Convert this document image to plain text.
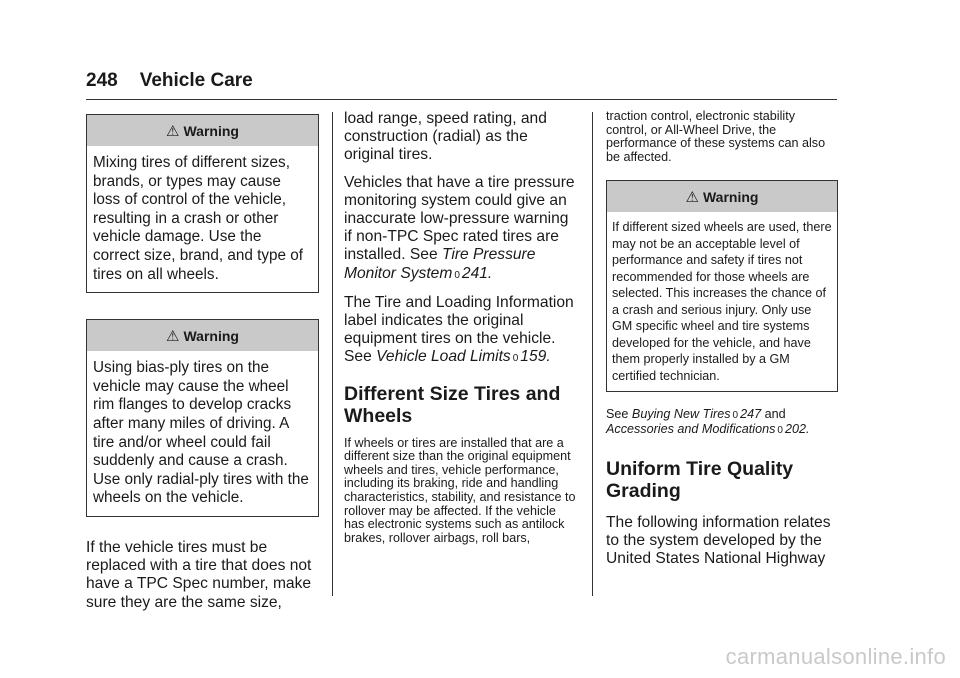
248 Vehicle Care
⚠ Warning
Mixing tires of different sizes, brands, or types may cause loss of control of the vehicle, resulting in a crash or other vehicle damage. Use the correct size, brand, and type of tires on all wheels.
⚠ Warning
Using bias-ply tires on the vehicle may cause the wheel rim flanges to develop cracks after many miles of driving. A tire and/or wheel could fail suddenly and cause a crash. Use only radial-ply tires with the wheels on the vehicle.

If the vehicle tires must be replaced with a tire that does not have a TPC Spec number, make sure they are the same size,

load range, speed rating, and construction (radial) as the original tires.

Vehicles that have a tire pressure monitoring system could give an inaccurate low-pressure warning if non-TPC Spec rated tires are installed. See Tire Pressure Monitor System 0 241.

The Tire and Loading Information label indicates the original equipment tires on the vehicle. See Vehicle Load Limits 0 159.

Different Size Tires and Wheels

If wheels or tires are installed that are a different size than the original equipment wheels and tires, vehicle performance, including its braking, ride and handling characteristics, stability, and resistance to rollover may be affected. If the vehicle has electronic systems such as antilock brakes, rollover airbags, roll bars,

traction control, electronic stability control, or All-Wheel Drive, the performance of these systems can also be affected.

⚠ Warning
If different sized wheels are used, there may not be an acceptable level of performance and safety if tires not recommended for those wheels are selected. This increases the chance of a crash and serious injury. Only use GM specific wheel and tire systems developed for the vehicle, and have them properly installed by a GM certified technician.

See Buying New Tires 0 247 and Accessories and Modifications 0 202.

Uniform Tire Quality Grading

The following information relates to the system developed by the United States National Highway

carmanualsonline.info
